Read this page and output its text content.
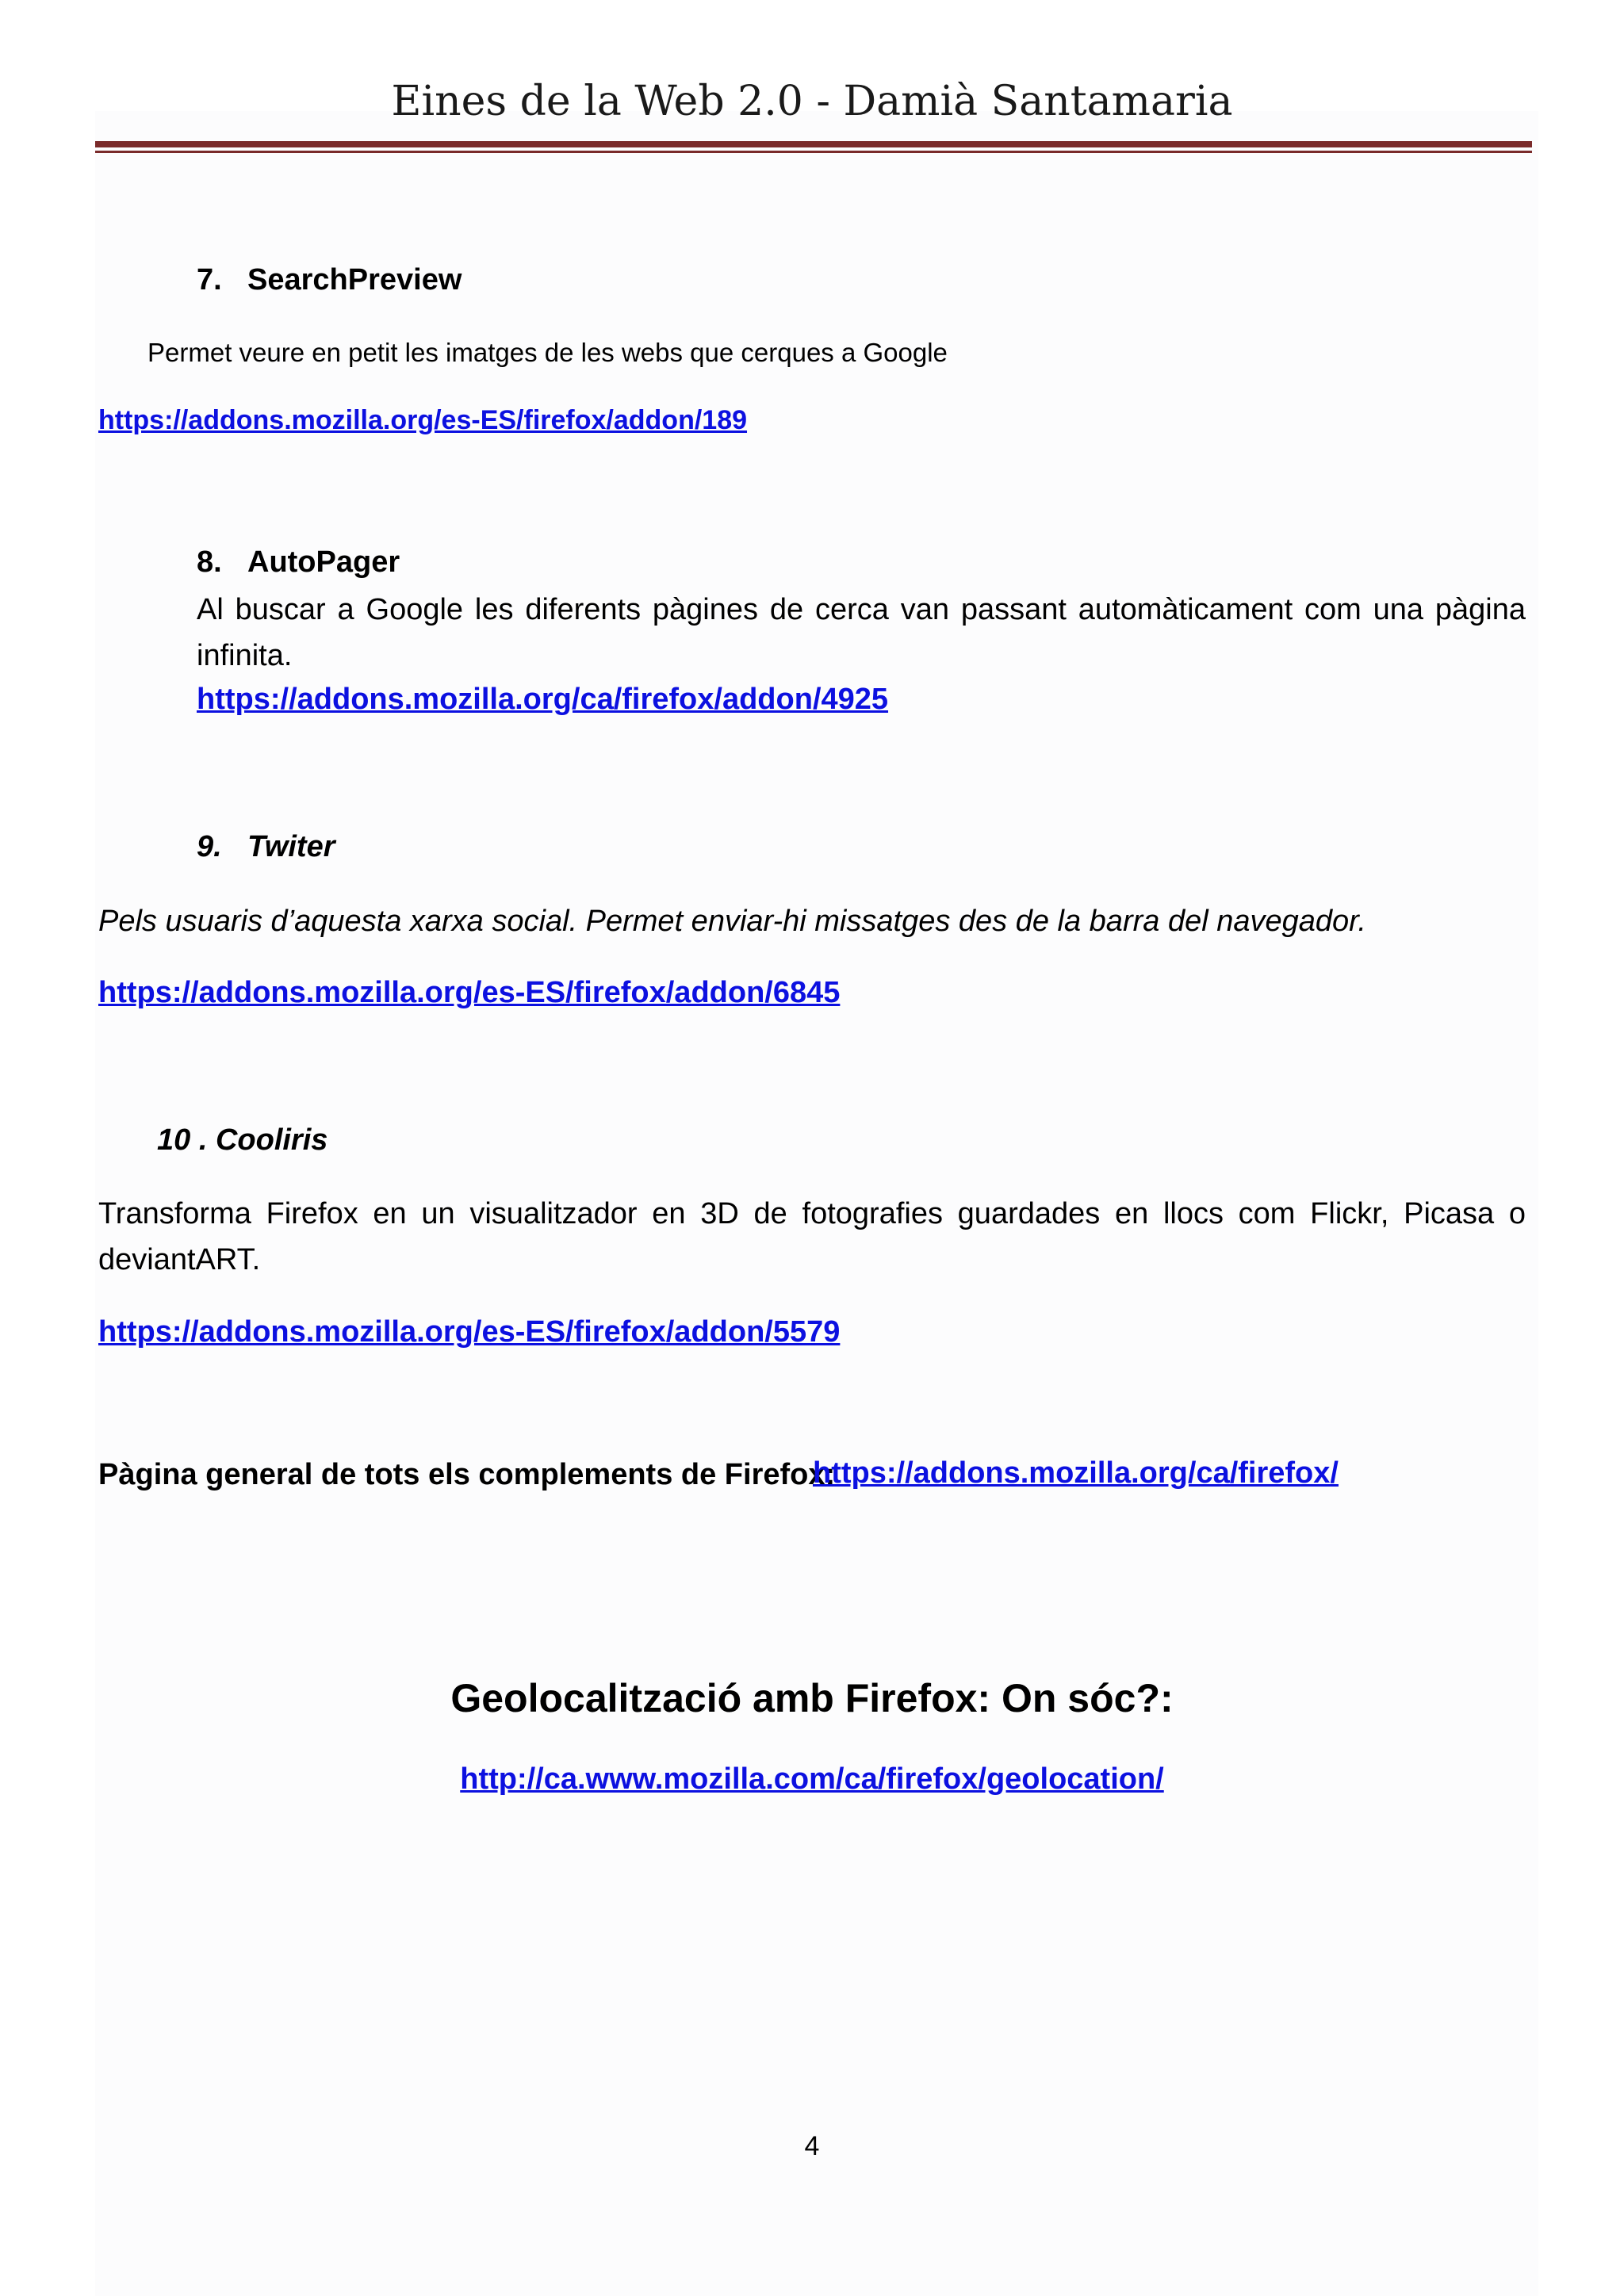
Eines de la Web 2.0 - Damià Santamaria
7. SearchPreview
Permet veure en petit les imatges de les webs que cerques a Google
https://addons.mozilla.org/es-ES/firefox/addon/189
8. AutoPager
Al buscar a Google les diferents pàgines de cerca van passant automàticament com una pàgina infinita.
https://addons.mozilla.org/ca/firefox/addon/4925
9. Twiter
Pels usuaris d’aquesta xarxa social. Permet enviar-hi missatges des de la barra del navegador.
https://addons.mozilla.org/es-ES/firefox/addon/6845
10 . Cooliris
Transforma Firefox en un visualitzador en 3D de fotografies guardades en llocs com Flickr, Picasa o deviantART.
https://addons.mozilla.org/es-ES/firefox/addon/5579
Pàgina general de tots els complements de Firefox:
https://addons.mozilla.org/ca/firefox/
Geolocalització amb Firefox: On sóc?:
http://ca.www.mozilla.com/ca/firefox/geolocation/
4
